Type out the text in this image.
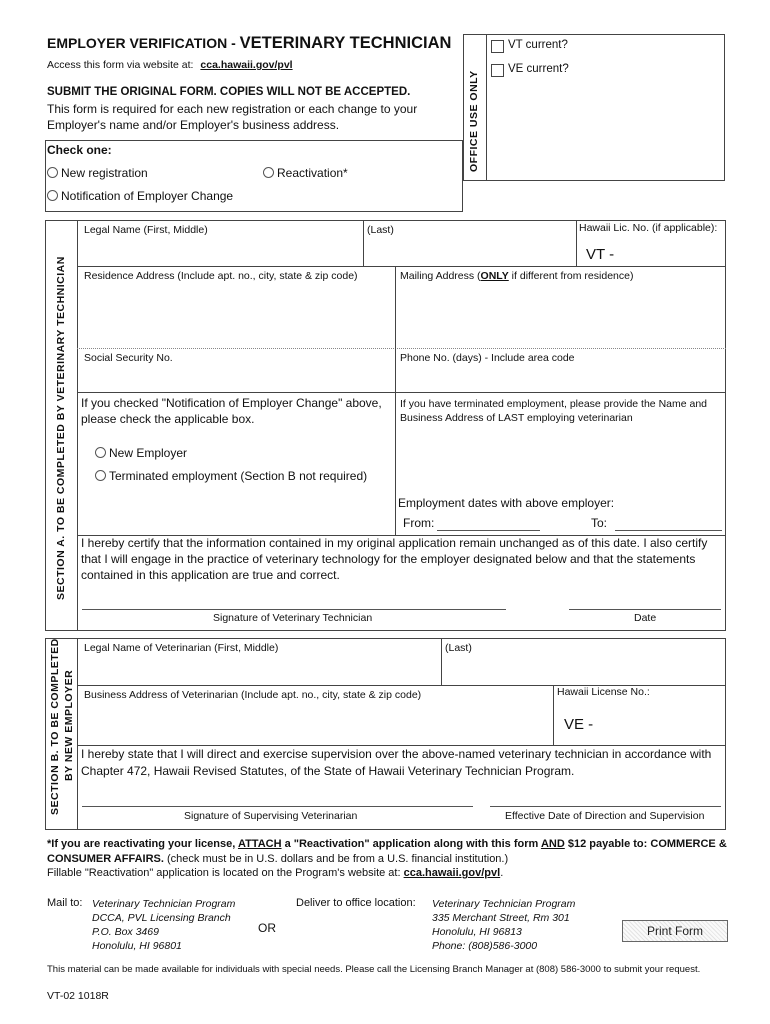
EMPLOYER VERIFICATION - VETERINARY TECHNICIAN
Access this form via website at: cca.hawaii.gov/pvl
SUBMIT THE ORIGINAL FORM. COPIES WILL NOT BE ACCEPTED.
This form is required for each new registration or each change to your
Employer's name and/or Employer's business address.
Check one:
New registration	Reactivation*
Notification of Employer Change
OFFICE USE ONLY
VT current?
VE current?
SECTION A. TO BE COMPLETED BY VETERINARY TECHNICIAN
Legal Name (First, Middle)	(Last)	Hawaii Lic. No. (if applicable):
VT -
Residence Address (Include apt. no., city, state & zip code)	Mailing Address (ONLY if different from residence)
Social Security No.	Phone No. (days) - Include area code
If you checked "Notification of Employer Change" above,
please check the applicable box.
New Employer
Terminated employment (Section B not required)
If you have terminated employment, please provide the Name and
Business Address of LAST employing veterinarian
Employment dates with above employer:
From:	To:
I hereby certify that the information contained in my original application remain unchanged as of this date. I also certify
that I will engage in the practice of veterinary technology for the employer designated below and that the statements
contained in this application are true and correct.
Signature of Veterinary Technician	Date
SECTION B. TO BE COMPLETED BY NEW EMPLOYER
Legal Name of Veterinarian (First, Middle)	(Last)
Business Address of Veterinarian (Include apt. no., city, state & zip code)	Hawaii License No.:
VE -
I hereby state that I will direct and exercise supervision over the above-named veterinary technician in accordance with
Chapter 472, Hawaii Revised Statutes, of the State of Hawaii Veterinary Technician Program.
Signature of Supervising Veterinarian	Effective Date of Direction and Supervision
*If you are reactivating your license, ATTACH a "Reactivation" application along with this form AND $12 payable to: COMMERCE &
CONSUMER AFFAIRS. (check must be in U.S. dollars and be from a U.S. financial institution.)
Fillable "Reactivation" application is located on the Program's website at: cca.hawaii.gov/pvl.
Mail to: Veterinary Technician Program
DCCA, PVL Licensing Branch
P.O. Box 3469
Honolulu, HI 96801
OR
Deliver to office location: Veterinary Technician Program
335 Merchant Street, Rm 301
Honolulu, HI 96813
Phone: (808)586-3000
Print Form
This material can be made available for individuals with special needs. Please call the Licensing Branch Manager at (808) 586-3000 to submit your request.
VT-02 1018R
